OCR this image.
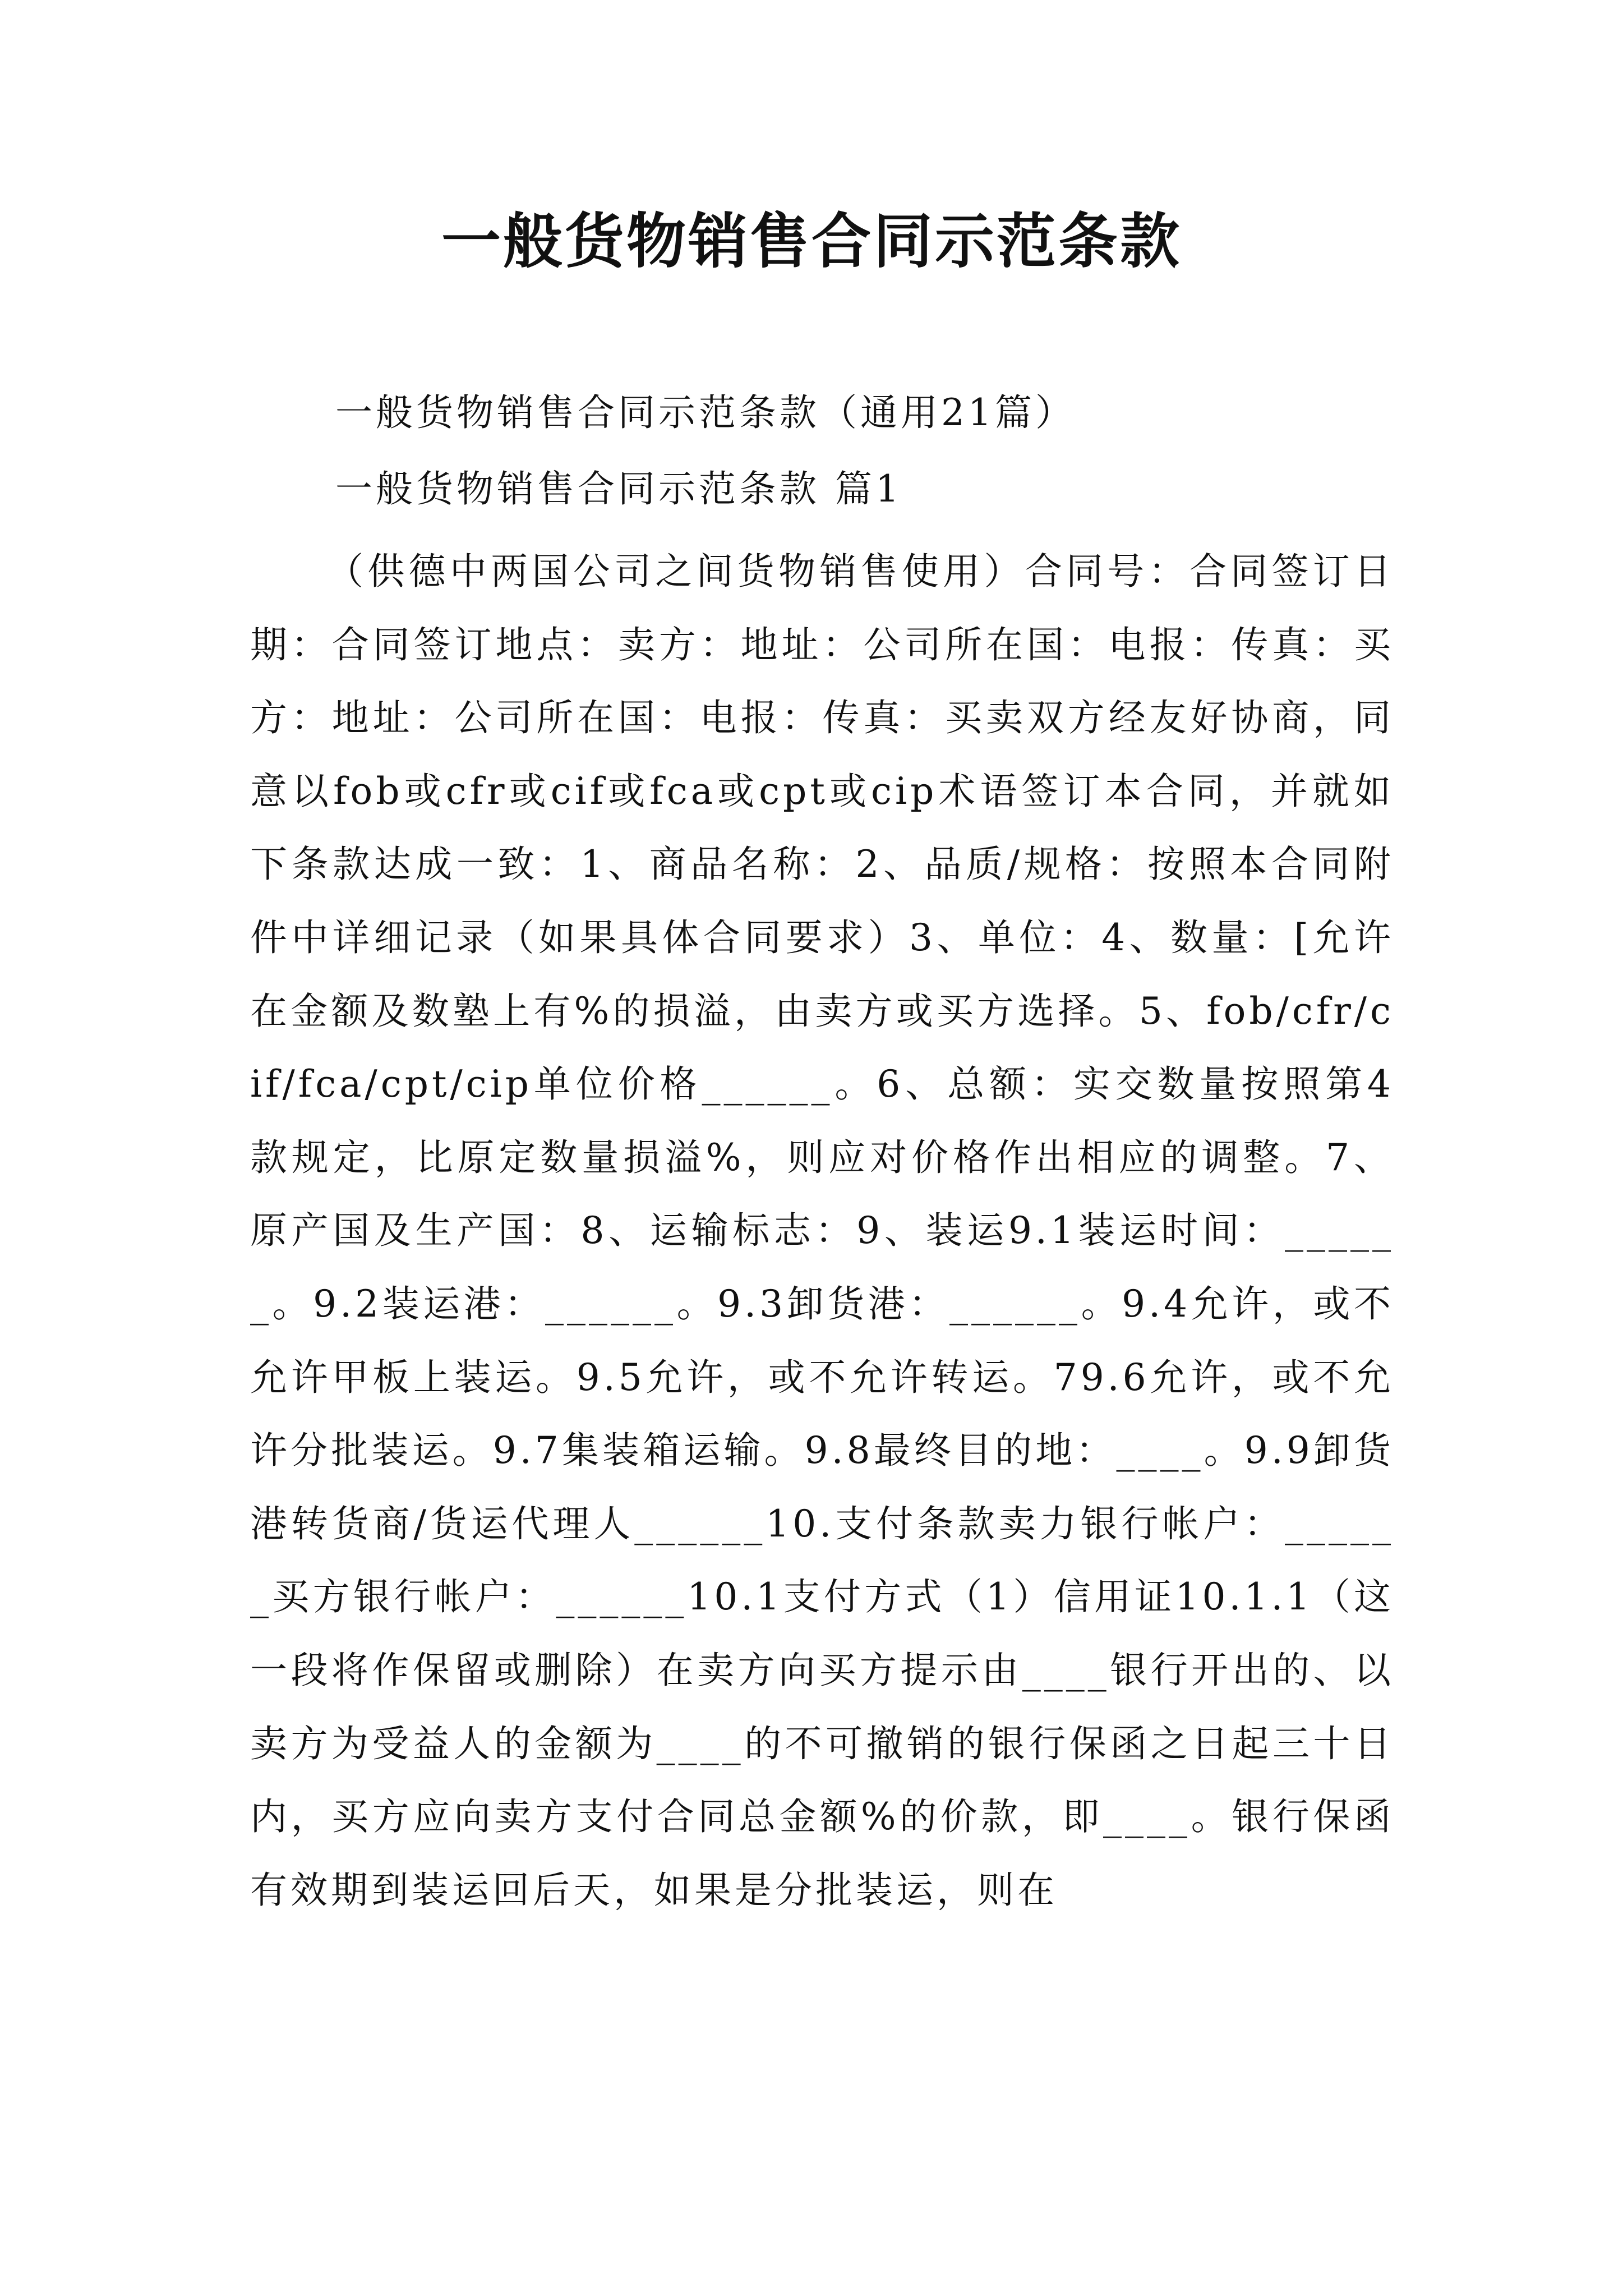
一般货物销售合同示范条款
一般货物销售合同示范条款（通用21篇）
一般货物销售合同示范条款 篇1
（供德中两国公司之间货物销售使用）合同号：合同签订日期：合同签订地点：卖方：地址：公司所在国：电报：传真：买方：地址：公司所在国：电报：传真：买卖双方经友好协商，同意以fob或cfr或cif或fca或cpt或cip术语签订本合同，并就如下条款达成一致：1、商品名称：2、品质/规格：按照本合同附件中详细记录（如果具体合同要求）3、单位：4、数量：[允许在金额及数塾上有%的损溢，由卖方或买方选择。5、fob/cfr/cif/fca/cpt/cip单位价格______。6、总额：实交数量按照第4款规定，比原定数量损溢%，则应对价格作出相应的调整。7、原产国及生产国：8、运输标志：9、装运9.1装运时间：______。9.2装运港：______。9.3卸货港：______。9.4允许，或不允许甲板上装运。9.5允许，或不允许转运。79.6允许，或不允许分批装运。9.7集装箱运输。9.8最终目的地：____。9.9卸货港转货商/货运代理人______10.支付条款卖力银行帐户：______买方银行帐户：______10.1支付方式（1）信用证10.1.1（这一段将作保留或删除）在卖方向买方提示由____银行开出的、以卖方为受益人的金额为____的不可撤销的银行保函之日起三十日内，买方应向卖方支付合同总金额%的价款，即____。银行保函有效期到装运回后天，如果是分批装运，则在
